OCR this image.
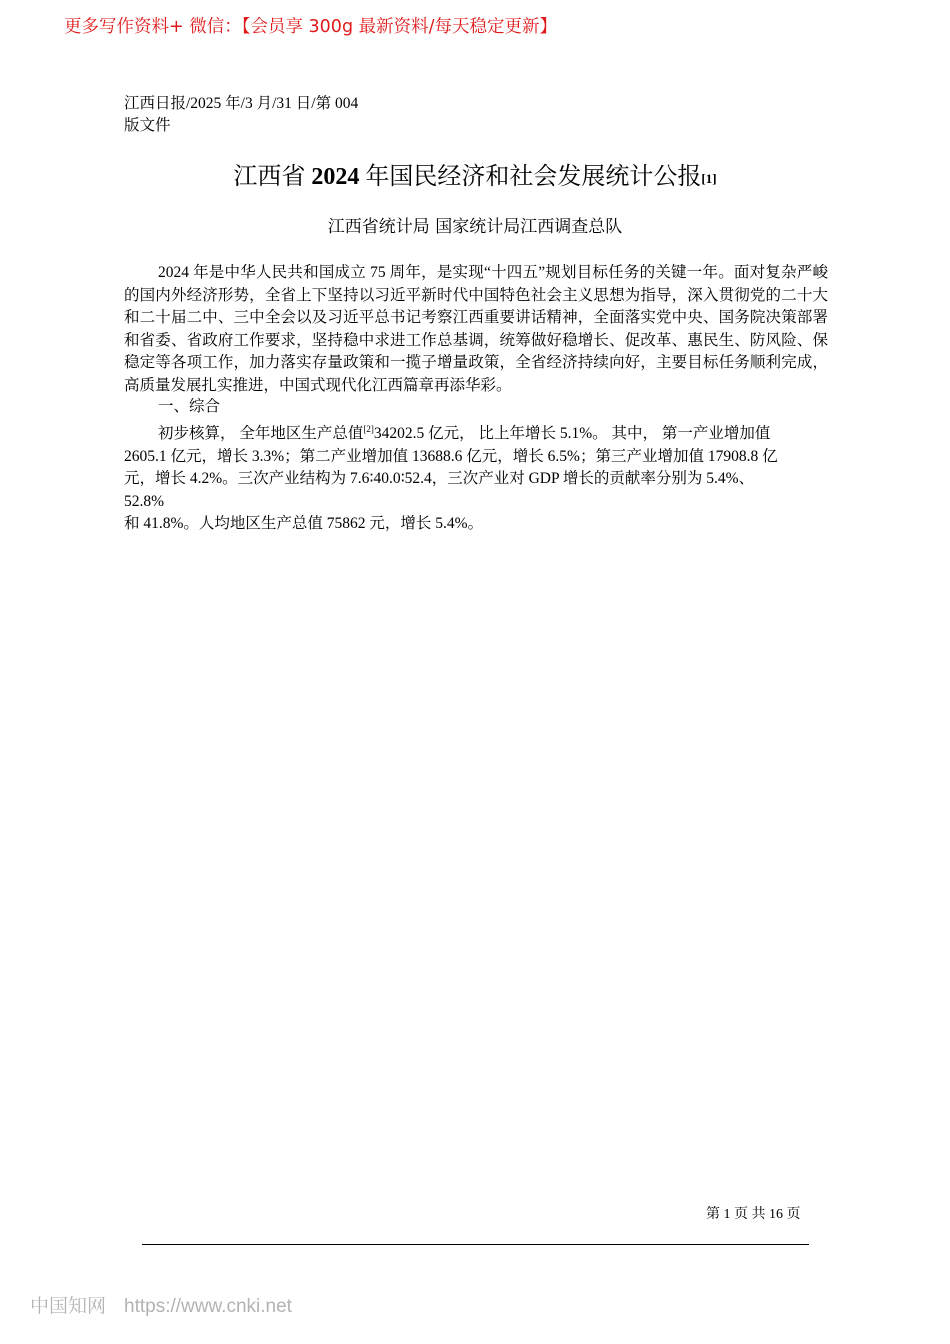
更多写作资料+ 微信：【会员享 300g 最新资料/每天稳定更新】
江西日报/2025 年/3 月/31 日/第 004
版文件
江西省 2024 年国民经济和社会发展统计公报[1]
江西省统计局 国家统计局江西调查总队
2024 年是中华人民共和国成立 75 周年，是实现“十四五”规划目标任务的关键一年。面对复杂严峻的国内外经济形势，全省上下坚持以习近平新时代中国特色社会主义思想为指导，深入贯彻党的二十大和二十届二中、三中全会以及习近平总书记考察江西重要讲话精神，全面落实党中央、国务院决策部署和省委、省政府工作要求，坚持稳中求进工作总基调，统筹做好稳增长、促改革、惠民生、防风险、保稳定等各项工作，加力落实存量政策和一揽子增量政策，全省经济持续向好，主要目标任务顺利完成，高质量发展扎实推进，中国式现代化江西篇章再添华彩。
一、综合
初步核算， 全年地区生产总值[2]34202.5 亿元， 比上年增长 5.1%。 其中， 第一产业增加值
2605.1 亿元，增长 3.3%；第二产业增加值 13688.6 亿元，增长 6.5%；第三产业增加值 17908.8 亿
元，增长 4.2%。三次产业结构为 7.6∶40.0∶52.4，三次产业对 GDP 增长的贡献率分别为 5.4%、
52.8%
和 41.8%。人均地区生产总值 75862 元，增长 5.4%。
第 1 页 共 16 页
中国知网 https://www.cnki.net
